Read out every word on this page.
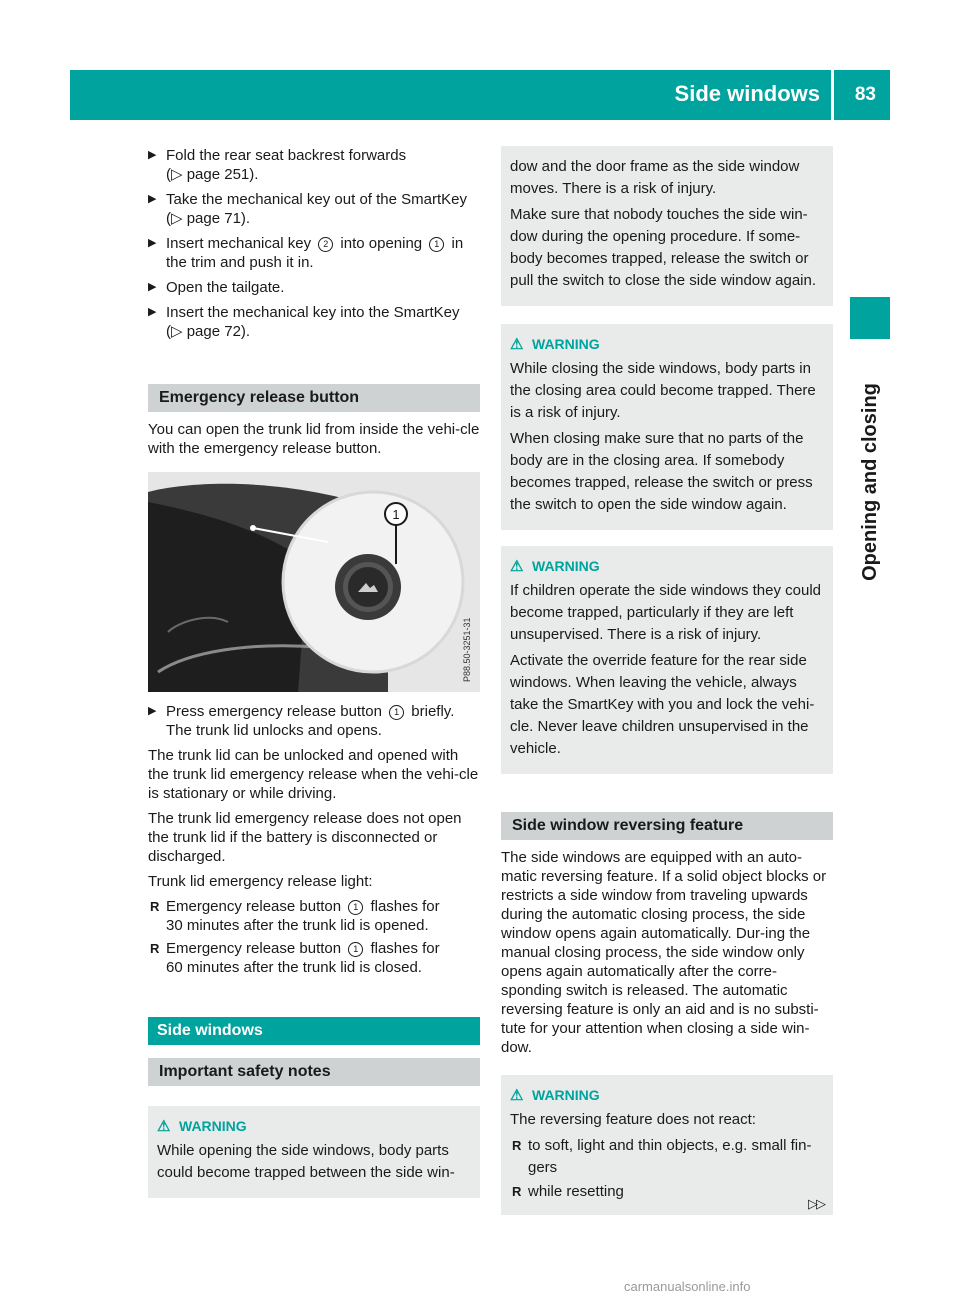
Side windows 83
Opening and closing
▶ Fold the rear seat backrest forwards
(▷ page 251).
▶ Take the mechanical key out of the SmartKey
(▷ page 71).
▶ Insert mechanical key 2 into opening 1 in
the trim and push it in.
▶ Open the tailgate.
▶ Insert the mechanical key into the SmartKey
(▷ page 72).
Emergency release button
You can open the trunk lid from inside the vehi-cle with the emergency release button.
1
P88.50-3251-31
▶ Press emergency release button 1 briefly.
The trunk lid unlocks and opens.
The trunk lid can be unlocked and opened with the trunk lid emergency release when the vehi-cle is stationary or while driving.
The trunk lid emergency release does not open the trunk lid if the battery is disconnected or discharged.
Trunk lid emergency release light:
R Emergency release button 1 flashes for
30 minutes after the trunk lid is opened.
R Emergency release button 1 flashes for
60 minutes after the trunk lid is closed.
Side windows
Important safety notes
⚠ WARNING
While opening the side windows, body parts could become trapped between the side win-
dow and the door frame as the side window moves. There is a risk of injury.
Make sure that nobody touches the side win-dow during the opening procedure. If some-body becomes trapped, release the switch or pull the switch to close the side window again.
⚠ WARNING
While closing the side windows, body parts in the closing area could become trapped. There is a risk of injury.
When closing make sure that no parts of the body are in the closing area. If somebody becomes trapped, release the switch or press the switch to open the side window again.
⚠ WARNING
If children operate the side windows they could become trapped, particularly if they are left unsupervised. There is a risk of injury.
Activate the override feature for the rear side windows. When leaving the vehicle, always take the SmartKey with you and lock the vehi-cle. Never leave children unsupervised in the vehicle.
Side window reversing feature
The side windows are equipped with an auto-matic reversing feature. If a solid object blocks or restricts a side window from traveling upwards during the automatic closing process, the side window opens again automatically. Dur-ing the manual closing process, the side window only opens again automatically after the corre-sponding switch is released. The automatic reversing feature is only an aid and is no substi-tute for your attention when closing a side win-dow.
⚠ WARNING
The reversing feature does not react:
R to soft, light and thin objects, e.g. small fin-gers
R while resetting
▷▷
carmanualsonline.info
